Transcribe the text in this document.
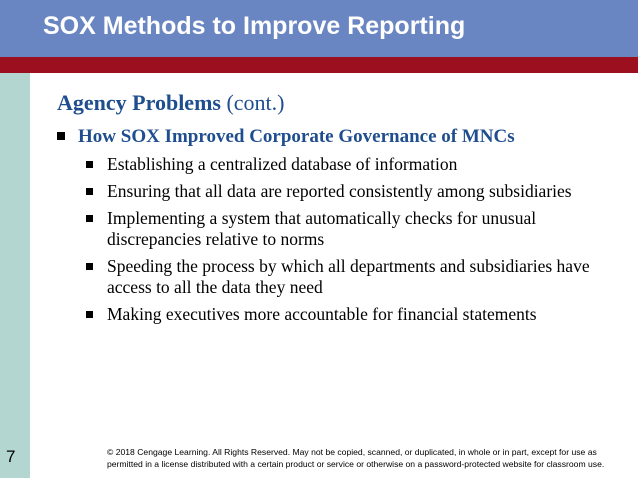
SOX Methods to Improve Reporting
Agency Problems (cont.)
How SOX Improved Corporate Governance of MNCs
Establishing a centralized database of information
Ensuring that all data are reported consistently among subsidiaries
Implementing a system that automatically checks for unusual discrepancies relative to norms
Speeding the process by which all departments and subsidiaries have access to all the data they need
Making executives more accountable for financial statements
7	© 2018 Cengage Learning. All Rights Reserved. May not be copied, scanned, or duplicated, in whole or in part, except for use as permitted in a license distributed with a certain product or service or otherwise on a password-protected website for classroom use.
